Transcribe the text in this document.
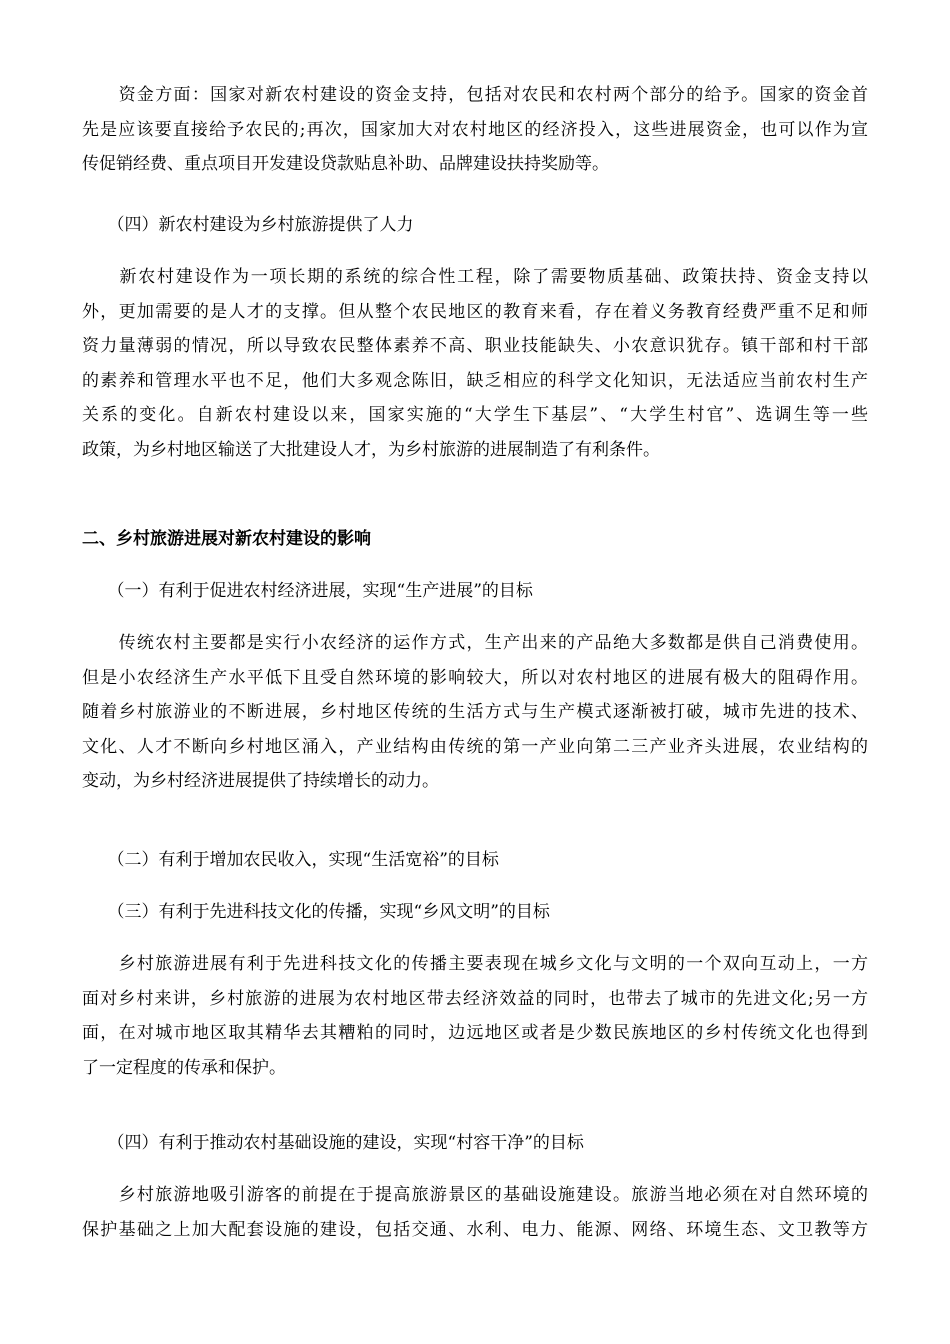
　　资金方面：国家对新农村建设的资金支持，包括对农民和农村两个部分的给予。国家的资金首
先是应该要直接给予农民的;再次，国家加大对农村地区的经济投入，这些进展资金，也可以作为宣
传促销经费、重点项目开发建设贷款贴息补助、品牌建设扶持奖励等。
　　（四）新农村建设为乡村旅游提供了人力
　　新农村建设作为一项长期的系统的综合性工程，除了需要物质基础、政策扶持、资金支持以
外，更加需要的是人才的支撑。但从整个农民地区的教育来看，存在着义务教育经费严重不足和师
资力量薄弱的情况，所以导致农民整体素养不高、职业技能缺失、小农意识犹存。镇干部和村干部
的素养和管理水平也不足，他们大多观念陈旧，缺乏相应的科学文化知识，无法适应当前农村生产
关系的变化。自新农村建设以来，国家实施的“大学生下基层”、“大学生村官”、选调生等一些
政策，为乡村地区输送了大批建设人才，为乡村旅游的进展制造了有利条件。
二、乡村旅游进展对新农村建设的影响
　　（一）有利于促进农村经济进展，实现“生产进展”的目标
　　传统农村主要都是实行小农经济的运作方式，生产出来的产品绝大多数都是供自己消费使用。
但是小农经济生产水平低下且受自然环境的影响较大，所以对农村地区的进展有极大的阻碍作用。
随着乡村旅游业的不断进展，乡村地区传统的生活方式与生产模式逐渐被打破，城市先进的技术、
文化、人才不断向乡村地区涌入，产业结构由传统的第一产业向第二三产业齐头进展，农业结构的
变动，为乡村经济进展提供了持续增长的动力。
　　（二）有利于增加农民收入，实现“生活宽裕”的目标
　　（三）有利于先进科技文化的传播，实现“乡风文明”的目标
　　乡村旅游进展有利于先进科技文化的传播主要表现在城乡文化与文明的一个双向互动上，一方
面对乡村来讲，乡村旅游的进展为农村地区带去经济效益的同时，也带去了城市的先进文化;另一方
面，在对城市地区取其精华去其糟粕的同时，边远地区或者是少数民族地区的乡村传统文化也得到
了一定程度的传承和保护。
　　（四）有利于推动农村基础设施的建设，实现“村容干净”的目标
　　乡村旅游地吸引游客的前提在于提高旅游景区的基础设施建设。旅游当地必须在对自然环境的
保护基础之上加大配套设施的建设，包括交通、水利、电力、能源、网络、环境生态、文卫教等方
